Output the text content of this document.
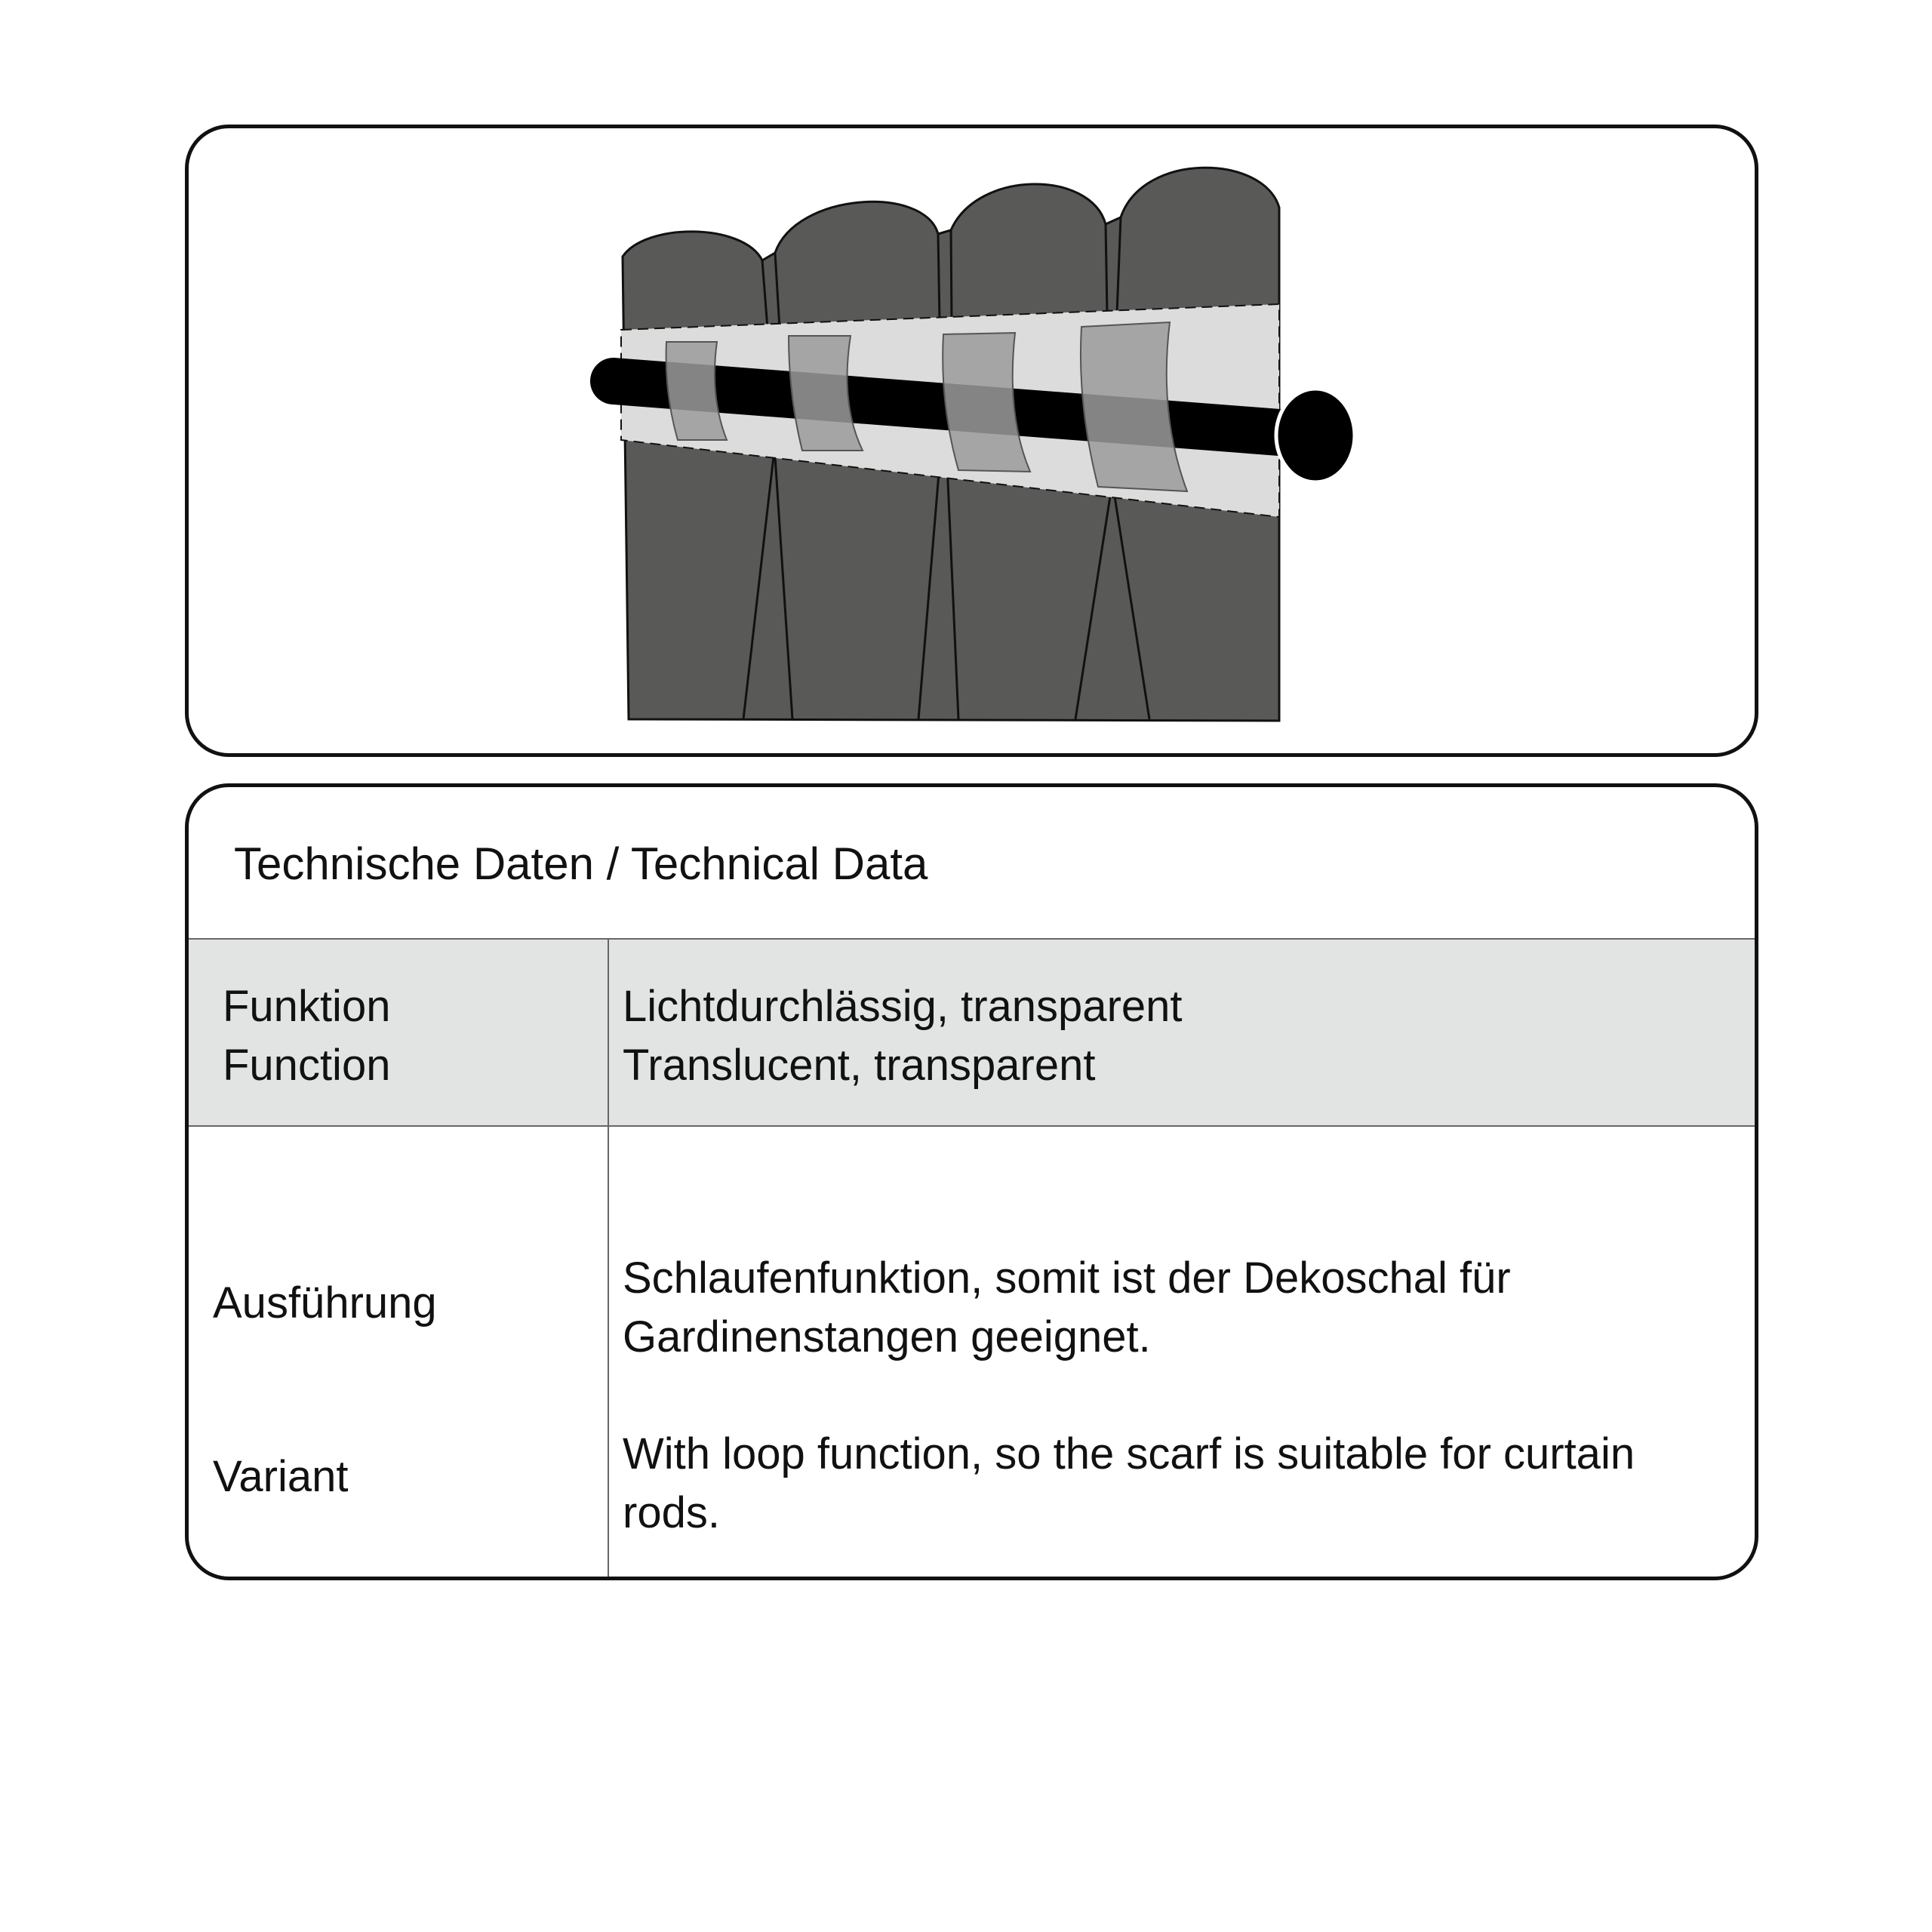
Technische Daten / Technical Data
Funktion
Function
Lichtdurchlässig, transparent
Translucent, transparent
Ausführung
Variant
Schlaufenfunktion, somit ist der Dekoschal für
Gardinenstangen geeignet.
With loop function, so the scarf is suitable for curtain
rods.
